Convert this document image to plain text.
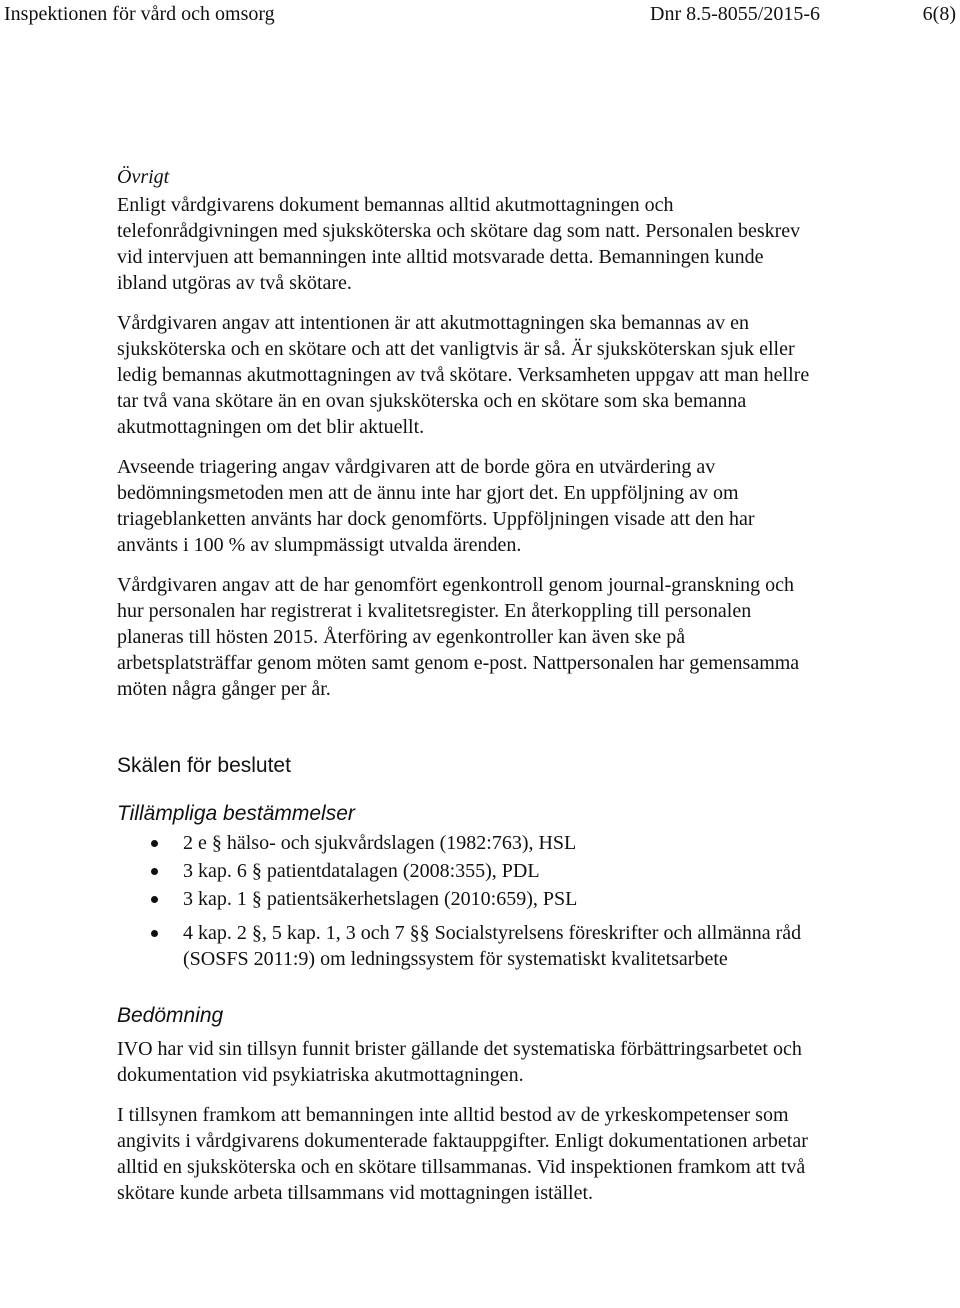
Inspektionen för vård och omsorg	Dnr 8.5-8055/2015-6	6(8)
Övrigt

Enligt vårdgivarens dokument bemannas alltid akutmottagningen och telefonrådgivningen med sjuksköterska och skötare dag som natt. Personalen beskrev vid intervjuen att bemanningen inte alltid motsvarade detta. Bemanningen kunde ibland utgöras av två skötare.

Vårdgivaren angav att intentionen är att akutmottagningen ska bemannas av en sjuksköterska och en skötare och att det vanligtvis är så. Är sjuksköterskan sjuk eller ledig bemannas akutmottagningen av två skötare. Verksamheten uppgav att man hellre tar två vana skötare än en ovan sjuksköterska och en skötare som ska bemanna akutmottagningen om det blir aktuellt.

Avseende triagering angav vårdgivaren att de borde göra en utvärdering av bedömningsmetoden men att de ännu inte har gjort det. En uppföljning av om triageblanketten använts har dock genomförts. Uppföljningen visade att den har använts i 100 % av slumpmässigt utvalda ärenden.

Vårdgivaren angav att de har genomfört egenkontroll genom journal-granskning och hur personalen har registrerat i kvalitetsregister. En återkoppling till personalen planeras till hösten 2015. Återföring av egenkontroller kan även ske på arbetsplatsträffar genom möten samt genom e-post. Nattpersonalen har gemensamma möten några gånger per år.

Skälen för beslutet
Tillämpliga bestämmelser
2 e § hälso- och sjukvårdslagen (1982:763), HSL
3 kap. 6 § patientdatalagen (2008:355), PDL
3 kap. 1 § patientsäkerhetslagen (2010:659), PSL
4 kap. 2 §, 5 kap. 1, 3 och 7 §§ Socialstyrelsens föreskrifter och allmänna råd (SOSFS 2011:9) om ledningssystem för systematiskt kvalitetsarbete
Bedömning

IVO har vid sin tillsyn funnit brister gällande det systematiska förbättringsarbetet och dokumentation vid psykiatriska akutmottagningen.

I tillsynen framkom att bemanningen inte alltid bestod av de yrkeskompetenser som angivits i vårdgivarens dokumenterade faktauppgifter. Enligt dokumentationen arbetar alltid en sjuksköterska och en skötare tillsammanas. Vid inspektionen framkom att två skötare kunde arbeta tillsammans vid mottagningen istället.
